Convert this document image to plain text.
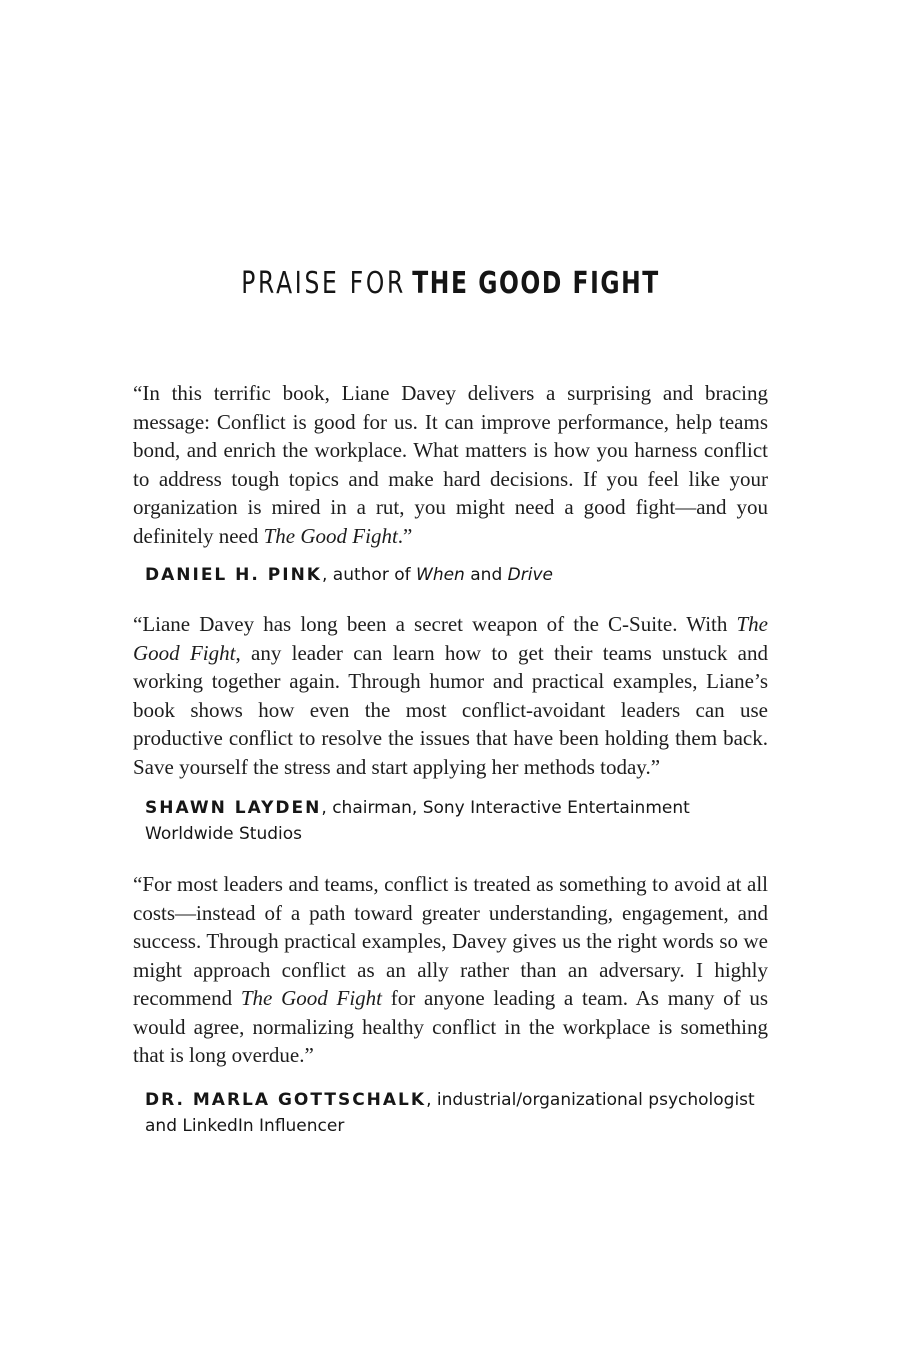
PRAISE FOR THE GOOD FIGHT

“In this terrific book, Liane Davey delivers a surprising and bracing message: Conflict is good for us. It can improve performance, help teams bond, and enrich the workplace. What matters is how you harness conflict to address tough topics and make hard decisions. If you feel like your organization is mired in a rut, you might need a good fight—and you definitely need The Good Fight.”

DANIEL H. PINK, author of When and Drive

“Liane Davey has long been a secret weapon of the C-Suite. With The Good Fight, any leader can learn how to get their teams unstuck and working together again. Through humor and practical examples, Liane’s book shows how even the most conflict-avoidant leaders can use productive conflict to resolve the issues that have been holding them back. Save yourself the stress and start applying her methods today.”

SHAWN LAYDEN, chairman, Sony Interactive Entertainment Worldwide Studios

“For most leaders and teams, conflict is treated as something to avoid at all costs—instead of a path toward greater understanding, engagement, and success. Through practical examples, Davey gives us the right words so we might approach conflict as an ally rather than an adversary. I highly recommend The Good Fight for anyone leading a team. As many of us would agree, normalizing healthy conflict in the workplace is something that is long overdue.”

DR. MARLA GOTTSCHALK, industrial/organizational psychologist and LinkedIn Influencer
